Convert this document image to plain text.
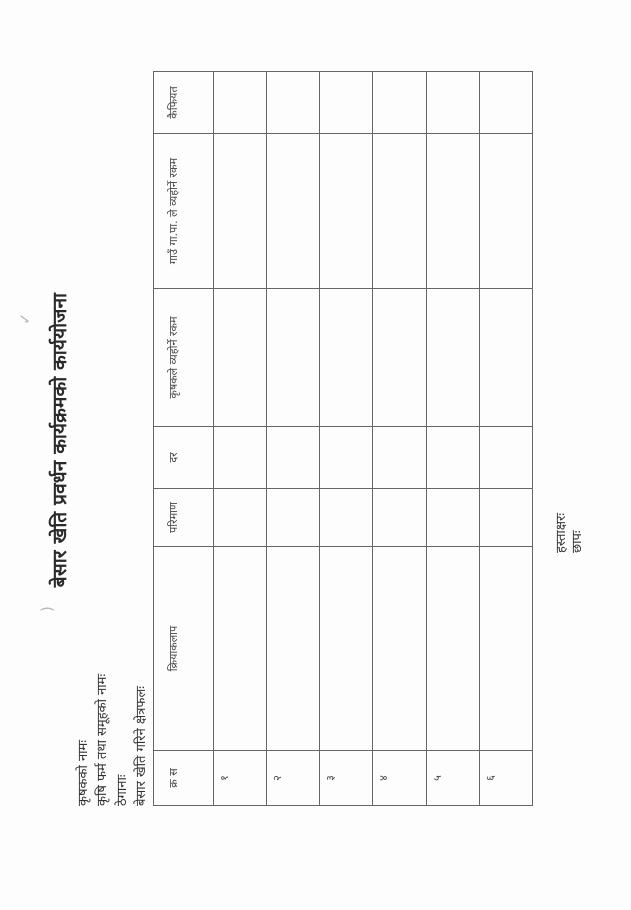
)
✓ बेसार खेति प्रवर्धन कार्यक्रमको कार्ययोजना
कृषकको नामः कृषि फर्म तथा समूहको नामः ठेगानाः बेसार खेति गरिने क्षेत्रफलः क्र स	क्रियाकलाप	परिमाण	दर	कृषकले व्यहोर्ने रकम	गाउँ गा.पा. ले व्यहोर्ने रकम	कैफियत
१						
२						
३						
४						
५						
६						
हस्ताक्षरः छापः
